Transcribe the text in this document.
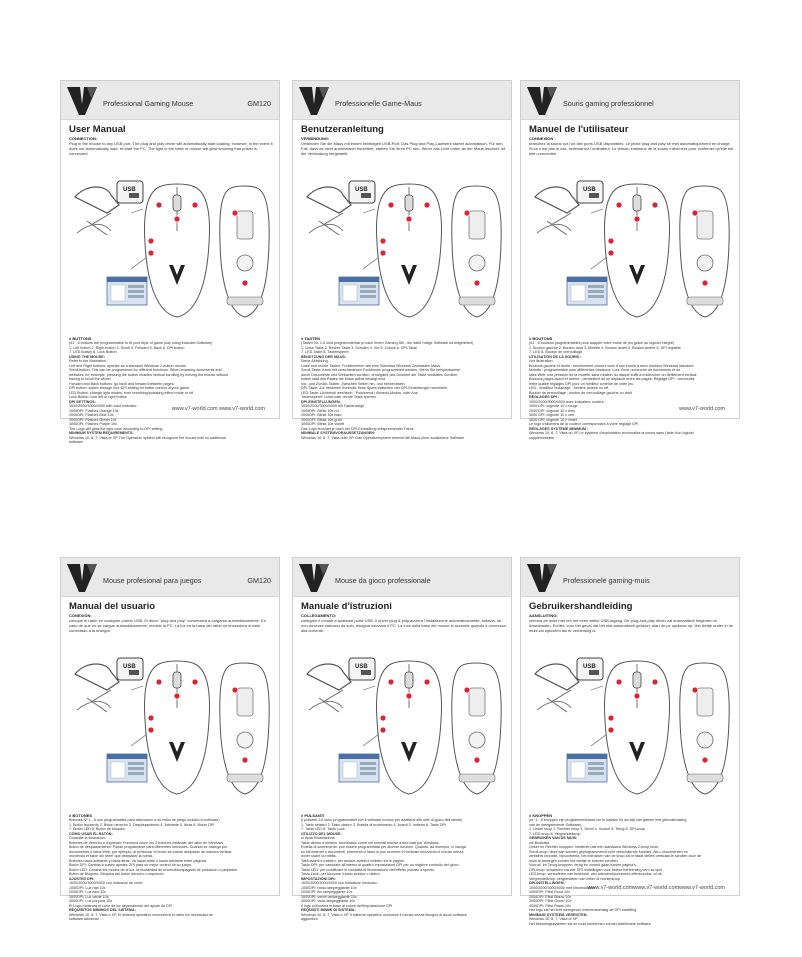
Professional Gaming Mouse	GM120
User Manual
CONNECTION:
Plug in the mouse to any USB port. The plug and play driver will automatically start loading, however, in the event it does not automatically load, re-start the PC. The light in the base of mouse will glow showing that power is connected.
USB
# BUTTONS
(#1 - 6 buttons are programmable to fit your style of game play using included Software)
1. Left button 2. Right button 3. Scroll 4. Forward 5. Back 6. DPI button
7. LED Button 8. Lock Button
USING THE MOUSE:
Refer to the illustration.
Left and Right buttons: operate as a standard Windows 2-button mouse.
Scroll button: This can be programmed for different functions. When browsing documents and
websites, for example, pressing the button enables vertical scrolling by moving the mouse without
having to scroll the wheel.
Forward and Back buttons: go back and forward between pages.
DPI button: switch through four DPI setting for better control of your game.
LED Button: change light modes, from breathing/pulsating effect mode or off.
Lock Button: lock left or right button
DPI SETTINGS:
1000/2000/3000/4000 with color indicator:
1000DPI: Flashes Orange 10x
2000DPI: Flashes Blue 10x
3000DPI: Flashes Green 10x
4000DPI: Flashes Purple 10x
The Logo will glow the light color according to DPI setting
MINIMUM SYSTEM REQUIREMENTS:
Windows 10, 8, 7, Vista or XP The Operation system will recognize the mouse with no additional
software
www.v7-world.com www.v7-world.com
Professionelle Game-Maus
Benutzeranleitung
VERBINDUNG:
Verbinden Sie die Maus mit einem beliebigen USB-Port. Das Plug and Play-Laufwerk startet automatisch. Für den Fall, dass es nicht automatisch hochfährt, starten Sie Ihren PC neu. Wenn das Licht unten an der Maus leuchtet, ist die Verbindung hergestellt.
USB
# TASTEN
(Tasten Nr. 1-6 sind programmierbar je nach Ihrem Gaming-Stil - die dafür nötige Software ist mitgeliefert)
1. Linke Taste 2. Rechte Taste 3. Scrollen 4. Vor 5. Zurück 6. DPI-Taste
7. LED-Taste 8. Tastensperre
BENUTZUNG DER MAUS:
Siehe Abbildung.
Linke und rechte Tasten: Funktionieren wie eine Standard Windows Zweitasten-Maus.
Scroll-Taste: Kann mit verschiedenen Funktionen programmiert werden. Wenn Sie beispielsweise
durch Dokumente und Webseiten scrollen, ermöglicht das Drücken der Taste vertikales Scrollen,
indem statt des Rades die Maus selbst bewegt wird.
Vor- und Zurück-Tasten: Zwischen Seiten hin- und herwechseln.
DPI-Taste: Zur besseren Kontrolle Ihres Spiels zwischen vier DPI-Einstellungen wechseln.
LED-Taste: Lichtmodi wechseln - Pulsierend / Atmend-Modus, oder Aus.
Tastensperre: Linke oder rechte Taste sperren
DPI-EINSTELLUNGEN:
1000/2000/3000/4000 mit Farbanzeige
1000DPI: Blinkt 10x rot
2000DPI: Blinkt 10x blau
3000DPI: Blinkt 10x grün
4000DPI: Blinkt 10x violett
Das Logo leuchtet je nach der DPI-Einstellung entsprechender Farbe
MINIMALE SYSTEMVORAUSSETZUNGEN:
Windows 10, 8, 7, Vista oder XP. Das Operationsystem erkennt die Maus ohne zusätzliche Software
Souris gaming professionnel
Manuel de l'utilisateur
CONNEXION :
branchez la souris sur l'un des ports USB disponibles. Le pilote plug and play se met automatiquement en charge. Si ce n'est pas le cas, redémarrez l'ordinateur. Le témoin lumineux de la souris s'allumera pour confirmer qu'elle est bien connectée.
USB
# BOUTONS
(#1 - 6 boutons programmables pour adapter votre mode de jeu grâce au logiciel intégré)
1. Bouton gauche 2. Bouton droit 3. Molette 4. Bouton avant 5. Bouton arrière 6. DPI réglable
7. LED 8. Bouton de verrouillage
UTILISATION DE LA SOURIS :
voir illustration.
Boutons gauche et droite : fonctionnent comme ceux d'une souris à deux boutons Windows standard.
Molette : programmable pour différentes fonctions. Lors d'une recherche de documents et de
sites Web, une pression de la molette sans rotation du disque suffit à enclencher un défilement vertical.
Boutons pages avant et arrière : permettent de se déplacer entre les pages. Réglage DPI : commutez
entre quatre réglages DPI pour un meilleur contrôle de votre jeu.
LED : modifiez l'éclairage - lumière pulsée ou off.
Bouton de verrouillage : bouton de verrouillage gauche ou droit
RÉGLAGES DPI :
1000/2000/3000/4000 avec indicateur couleur :
1000 DPI: clignote 10 x rouge
2000 DPI: clignote 10 x bleu
3000 DPI: clignote 10 x vert
4000 DPI: clignote 10 x violet
Le logo s'allumera de la couleur correspondant à votre réglage DPI
RÉGLAGES SYSTÈME MINIMUM :
Windows 10, 8, 7, Vista ou XP Le système d'exploitation reconnaîtra la souris sans l'aide d'un logiciel
supplémentaire.
www.v7-world.com
Mouse profesional para juegos	GM120
Manual del usuario
CONEXIÓN:
coloque el ratón en cualquier puerto USB. El disco "plug and play" comenzará a cargarse automáticamente. En caso de que no se cargue automáticamente, reinicie la PC. La luz en la base del ratón se encenderá si está conectado a la energía.
USB
# BOTONES
Botones Nº 1 - 6 son programables para adecuarse a su estilo de juego incluido el software)
1. Botón izquierdo 2. Botón derecho 3. Desplazamiento 4. Adelante 5. Atrás 6. Botón DPI
7. Botón LED 8. Botón de bloqueo
CÓMO USAR EL RATÓN:
Consulte la ilustración.
Botones de derecho e izquierdo: Funciona como los 2 botones estándar del ratón de Windows.
Botón de desplazamiento: Puede programarse para diferentes funciones. Cuando se navega por
documentos y sitios Web, por ejemplo, al presionar el botón se puede desplazar de manera vertical
moviendo el ratón sin tener que desplazar la rueda.
Botones hacia adelante y hacia atrás: Va hacia atrás o hacia adelante entre páginas.
Botón DPI: Cambia a cuatro ajustes DPI para un mejor control de su juego.
Botón LED: Cambia los modos de la luz, la modalidad de encendido/apagado de pulsación o parpadeo.
Botón de Bloqueo: Bloquea del botón derecho o izquierdo
AJUSTES DPI:
1000/2000/3000/4000 con indicador de color:
1000DPI: Luz roja 10x
2000DPI: Luz azul 10x
3000DPI: Luz verde 10x
4000DPI: Luz púrpura 10x
El Logo mostrará el color de luz dependiendo del ajuste de DPI
REQUISITOS MÍNIMOS DEL SISTEMA:
Windows 10, 8, 7, Vista o XP. El sistema operativo reconocerá el ratón sin necesidad de
software adicional
Mouse da gioco professionale
Manuale d'istruzioni
COLLEGAMENTO:
collegare il mouse a qualsiasi porta USB. Il driver plug & play avvierà l'installazione automaticamente, tuttavia, se non dovesse caricarsi da solo, bisogna riavviare il PC. La luce sulla base del mouse si accende quando è connesso alla corrente.
USB
# PULSANTI
(I pulsanti 1-6 sono programmabili con il software incluso per adattarsi allo stile di gioco dell'utente)
1. Tasto sinistro 2. Tasto destro 3. Rotella di scorrimento 4. Avanti 5. Indietro 6. Tasto DPI
7. Tasto LED 8. Tasto Lock
UTILIZZO DEL MOUSE:
si veda l'illustrazione.
Tasto destro e sinistro: funzionano come nei normali mouse a due tasti per Windows.
Rotella di scorrimento: può essere programmata per diverse funzioni. Quando, ad esempio, ci naviga
su siti internet o documenti, premendo il tasto si può scorrere in verticale muovendo il mouse senza
dover usare la rotella.
Tasti avanti e indietro: per andare avanti e indietro tra le pagine.
Tasto DPI: per cambiare all'interno di quattro impostazioni DPI per un migliore controllo del gioco.
Tasto LED: per modificare le modalità di illuminazione dell'effetto pulsato a spento.
Tasto Lock: per bloccare il tasto sinistro o destro.
IMPOSTAZIONI DPI:
1000/2000/3000/4000 con indicatore luminoso:
1000DPI: rosso lampeggiante 10x
2000DPI: blu lampeggiante 10x
3000DPI: verde lampeggiante 10x
4000DPI: viola lampeggiante 10x
Il logo si illumina in base al colore dell'impostazione DPI
REQUISITI MINIMI DI SISTEMA:
Windows 10, 8, 7, Vista o XP. Il sistema operativo riconosce il mouse senza bisogno di alcun software
aggiuntivo
Professionele gaming-muis
Gebruikershandleiding
AANSLUITING:
verbind de muis met om het even welke USB-ingang. De plug-and-play driver zal automatisch beginnen te downloaden. Echter, voor het geval dat het niet automatisch gebeurt, start de pc opnieuw op. Het lichtje onder in de muis zal oplichten als er verbinding is.
USB
# KNOPPEN
(nr. 1 - 6 knoppen zijn programmeerbaar om te passen bij uw stijl van gamen met gebruikmaking
van de meegeleverde Software)
1. Linker knop 2. Rechter knop 3. Scroll 4. Vooruit 5. Terug 6. DPI-knop
7. LED-knop 8. Vergrendelknop
GEBRUIKEN VAN DE MUIS:
zie illustratie.
Linker en Rechter knoppen: bedienen als een standaard Windows 2-knop muis.
Scroll-knop: deze kan worden geprogrammeerd voor verschillende functies. Als u documenten en
websites bezoekt, bijvoorbeeld, het indrukken van de knop zal in staat stellen verticaal te scrollen door de
muis te bewegen zonder het wieltje te hoeven scrollen.
Vooruit- en Terug-knoppen: terug en vooruit gaan tussen pagina's.
DPI-knop: schakelen via vier DPI-instellingen voor betere beheersing van uw spel.
LED-knop: veranderen van lichtmodi, van ademend/pulserend-effectmodus, of uit.
Vergrendelknop: vergrendelen van linker of rechterknop
DPI-INSTELLINGEN:
1000/2000/3000/4000 met kleurindicator
1000DPI: Flitst Rood 10x
2000DPI: Flitst Blauw 10x
3000DPI: Flitst Groen 10x
4000DPI: Flitst Paars 10x
Het logo zal het licht weergeven overeenkomstig de DPI-instelling
MINIMUM SYSTEEM-VEREISTEN:
Windows 10, 8, 7, Vista of XP
Het besturingssysteem zal de muis herkennen zonder additionele software
www.v7-world.comwww.v7-world.comwww.v7-world.com
